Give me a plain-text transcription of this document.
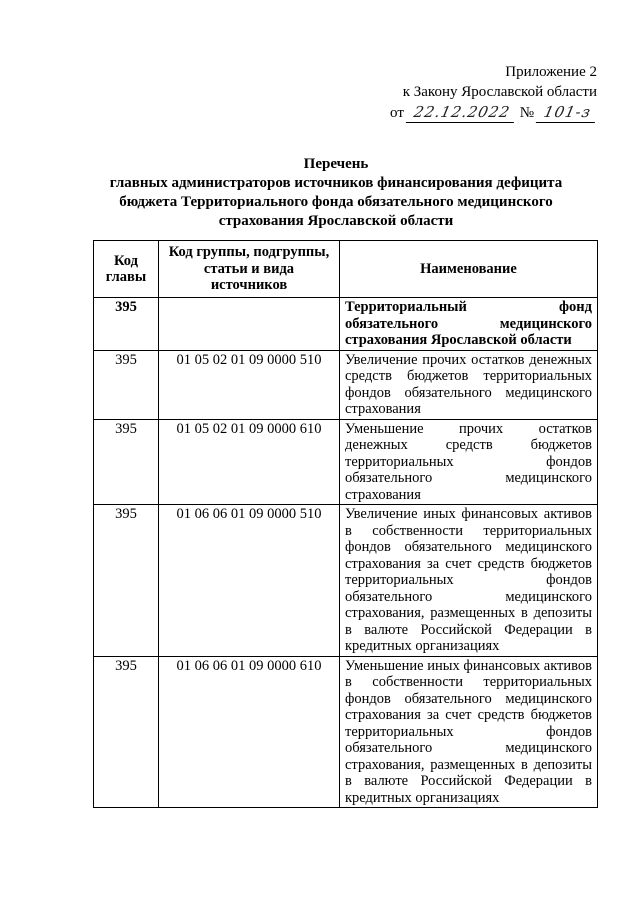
Приложение 2
к Закону Ярославской области
от 22.12.2022 № 101-з
Перечень
главных администраторов источников финансирования дефицита
бюджета Территориального фонда обязательного медицинского
страхования Ярославской области
Код главы	Код группы, подгруппы, статьи и вида источников	Наименование
395		Территориальный фонд обязательного медицинского страхования Ярославской области
395	01 05 02 01 09 0000 510	Увеличение прочих остатков денежных средств бюджетов территориальных фондов обязательного медицинского страхования
395	01 05 02 01 09 0000 610	Уменьшение прочих остатков денежных средств бюджетов территориальных фондов обязательного медицинского страхования
395	01 06 06 01 09 0000 510	Увеличение иных финансовых активов в собственности территориальных фондов обязательного медицинского страхования за счет средств бюджетов территориальных фондов обязательного медицинского страхования, размещенных в депозиты в валюте Российской Федерации в кредитных организациях
395	01 06 06 01 09 0000 610	Уменьшение иных финансовых активов в собственности территориальных фондов обязательного медицинского страхования за счет средств бюджетов территориальных фондов обязательного медицинского страхования, размещенных в депозиты в валюте Российской Федерации в кредитных организациях
